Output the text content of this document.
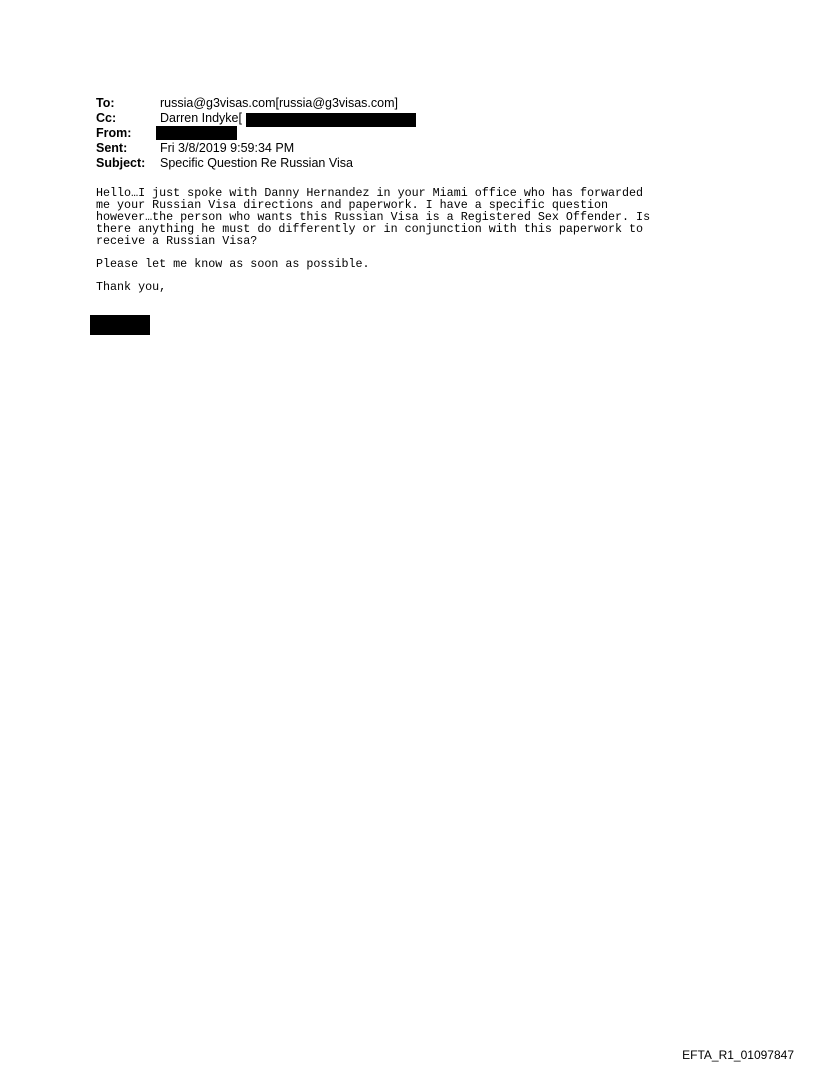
To:	russia@g3visas.com[russia@g3visas.com]
Cc:	Darren Indyke[
From:
Sent:	Fri 3/8/2019 9:59:34 PM
Subject: Specific Question Re Russian Visa

Hello…I just spoke with Danny Hernandez in your Miami office who has forwarded
me your Russian Visa directions and paperwork. I have a specific question
however…the person who wants this Russian Visa is a Registered Sex Offender. Is
there anything he must do differently or in conjunction with this paperwork to
receive a Russian Visa?

Please let me know as soon as possible.

Thank you,

EFTA_R1_01097847
